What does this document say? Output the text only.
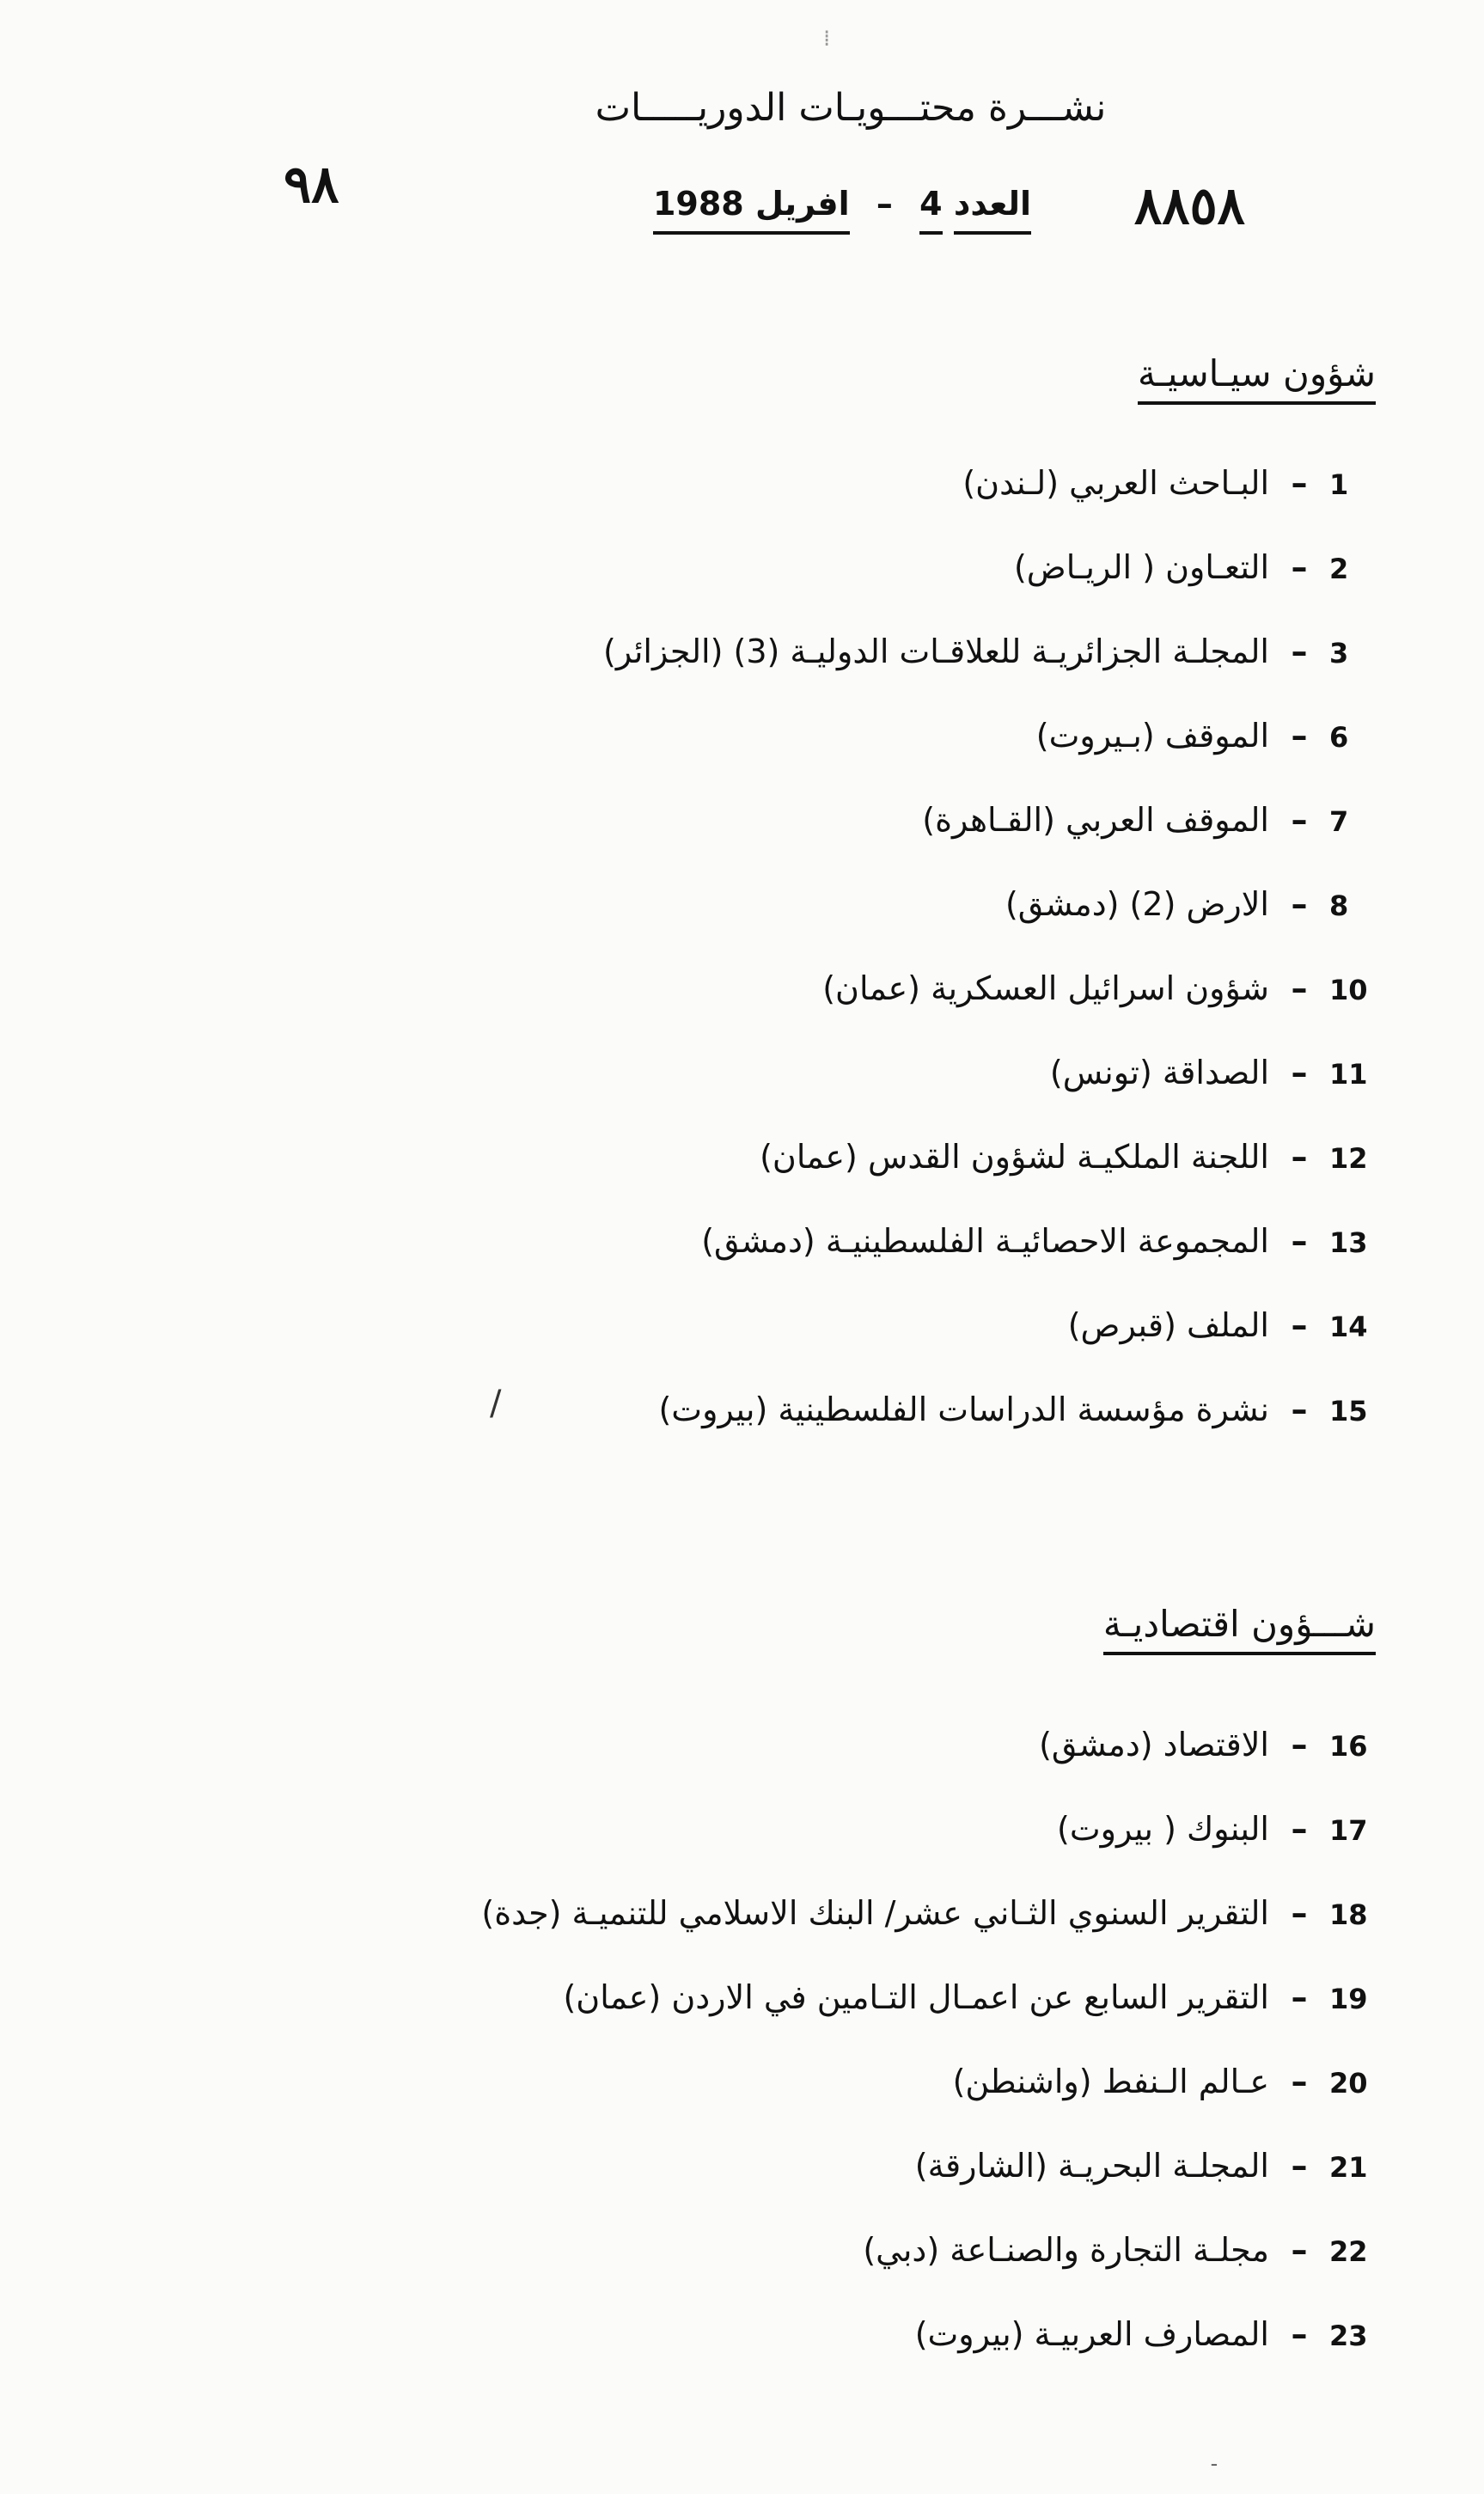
⁞
نشـــرة محتـــويـات الدوريـــــات
العدد 4 – افريل 1988
٩٨	٨٨٥٨
شؤون سيـاسيـة
1
–
البـاحث العربي (لـندن)
2
–
التعـاون ( الريـاض)
3
–
المجلـة الجزائريـة للعلاقـات الدوليـة (3) (الجزائر)
6
–
الموقف (بـيروت)
7
–
الموقف العربي (القـاهرة)
8
–
الارض (2) (دمشق)
10
–
شؤون اسرائيل العسكرية (عمان)
11
–
الصداقة (تونس)
12
–
اللجنة الملكيـة لشؤون القدس (عمان)
13
–
المجموعة الاحصائيـة الفلسطينيـة (دمشق)
14
–
الملف (قبرص)
15
–
نشرة مؤسسة الدراسات الفلسطينية (بيروت)
شـــؤون اقتصاديـة
16
–
الاقتصاد (دمشق)
17
–
البنوك ( بيروت)
18
–
التقرير السنوي الثـاني عشر/ البنك الاسلامي للتنميـة (جدة)
19
–
التقرير السابع عن اعمـال التـامين في الاردن (عمان)
20
–
عـالم الـنفط (واشنطن)
21
–
المجلـة البحريـة (الشارقة)
22
–
مجلـة التجارة والصنـاعة (دبي)
23
–
المصارف العربيـة (بيروت)
/
ـ
